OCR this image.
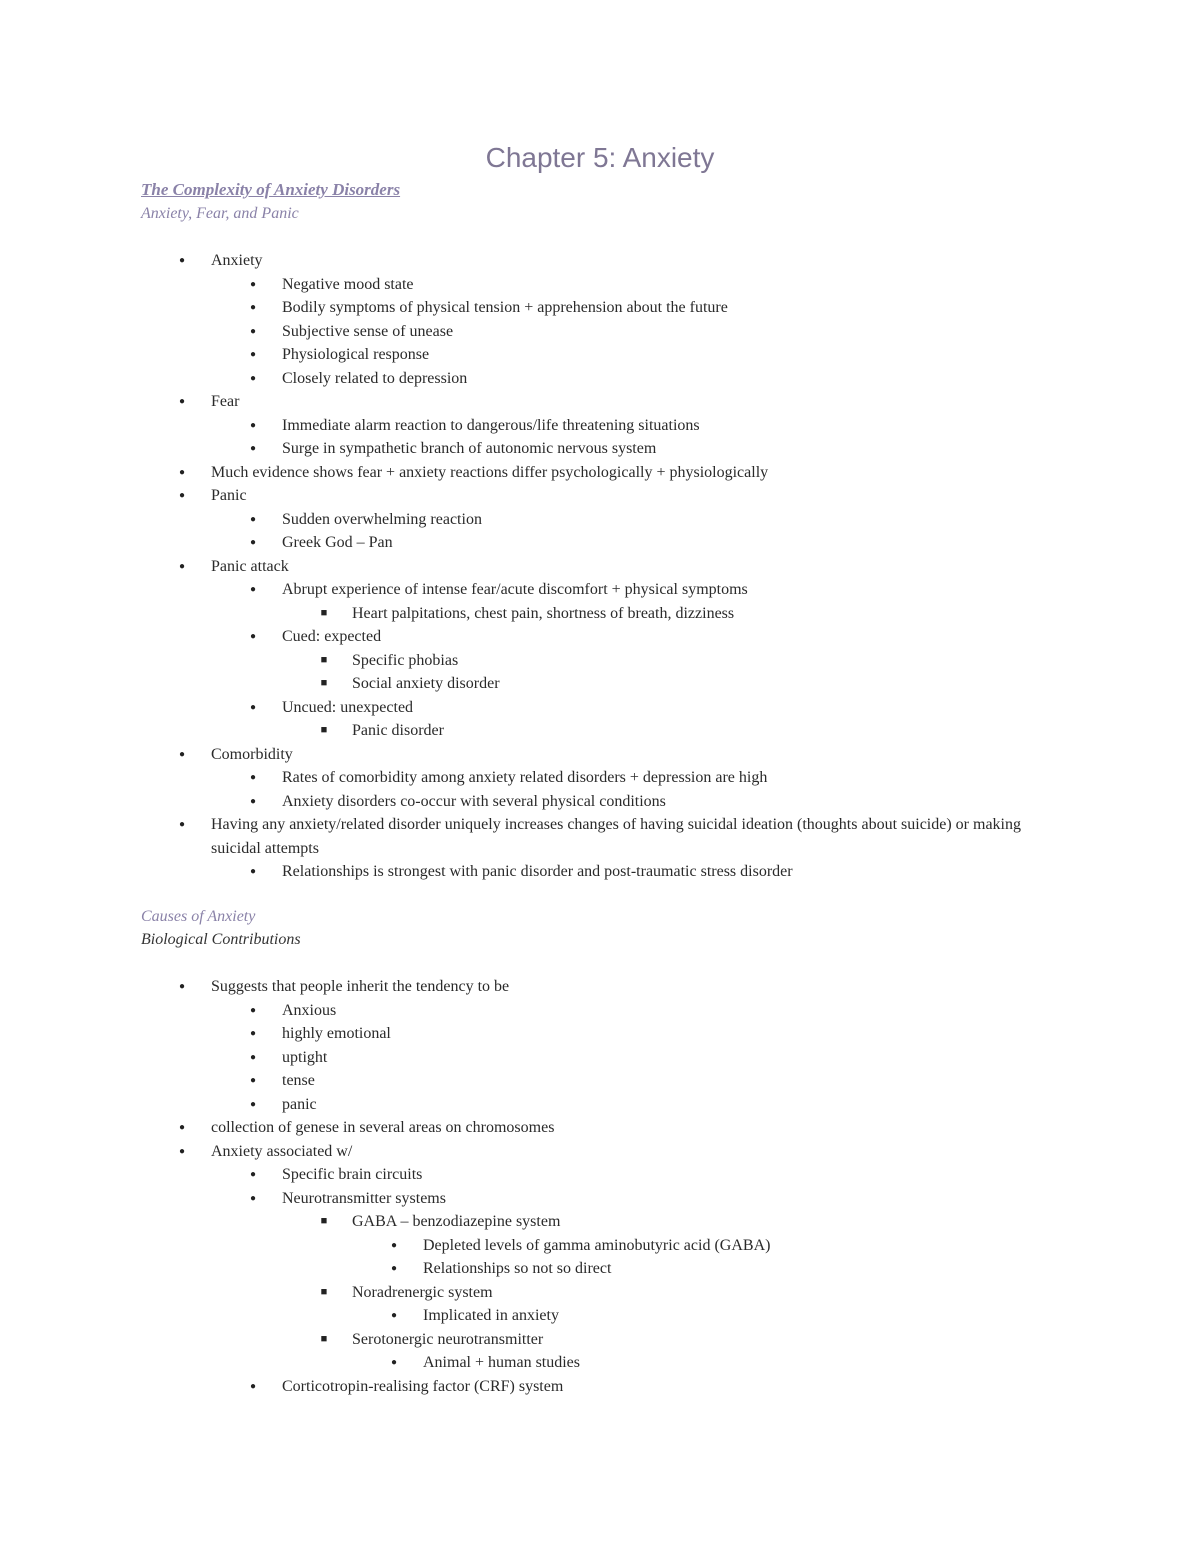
Chapter 5: Anxiety
The Complexity of Anxiety Disorders
Anxiety, Fear, and Panic
●	Anxiety
●	Negative mood state
●	Bodily symptoms of physical tension + apprehension about the future
●	Subjective sense of unease
●	Physiological response
●	Closely related to depression
●	Fear
●	Immediate alarm reaction to dangerous/life threatening situations
●	Surge in sympathetic branch of autonomic nervous system
●	Much evidence shows fear + anxiety reactions differ psychologically + physiologically
●	Panic
●	Sudden overwhelming reaction
●	Greek God – Pan
●	Panic attack
●	Abrupt experience of intense fear/acute discomfort + physical symptoms
■	Heart palpitations, chest pain, shortness of breath, dizziness
●	Cued: expected
■	Specific phobias
■	Social anxiety disorder
●	Uncued: unexpected
■	Panic disorder
●	Comorbidity
●	Rates of comorbidity among anxiety related disorders + depression are high
●	Anxiety disorders co-occur with several physical conditions
●	Having any anxiety/related disorder uniquely increases changes of having suicidal ideation (thoughts about suicide) or making suicidal attempts
●	Relationships is strongest with panic disorder and post-traumatic stress disorder
Causes of Anxiety
Biological Contributions
●	Suggests that people inherit the tendency to be
●	Anxious
●	highly emotional
●	uptight
●	tense
●	panic
●	collection of genese in several areas on chromosomes
●	Anxiety associated w/
●	Specific brain circuits
●	Neurotransmitter systems
■	GABA – benzodiazepine system
●	Depleted levels of gamma aminobutyric acid (GABA)
●	Relationships so not so direct
■	Noradrenergic system
●	Implicated in anxiety
■	Serotonergic neurotransmitter
●	Animal + human studies
●	Corticotropin-realising factor (CRF) system
